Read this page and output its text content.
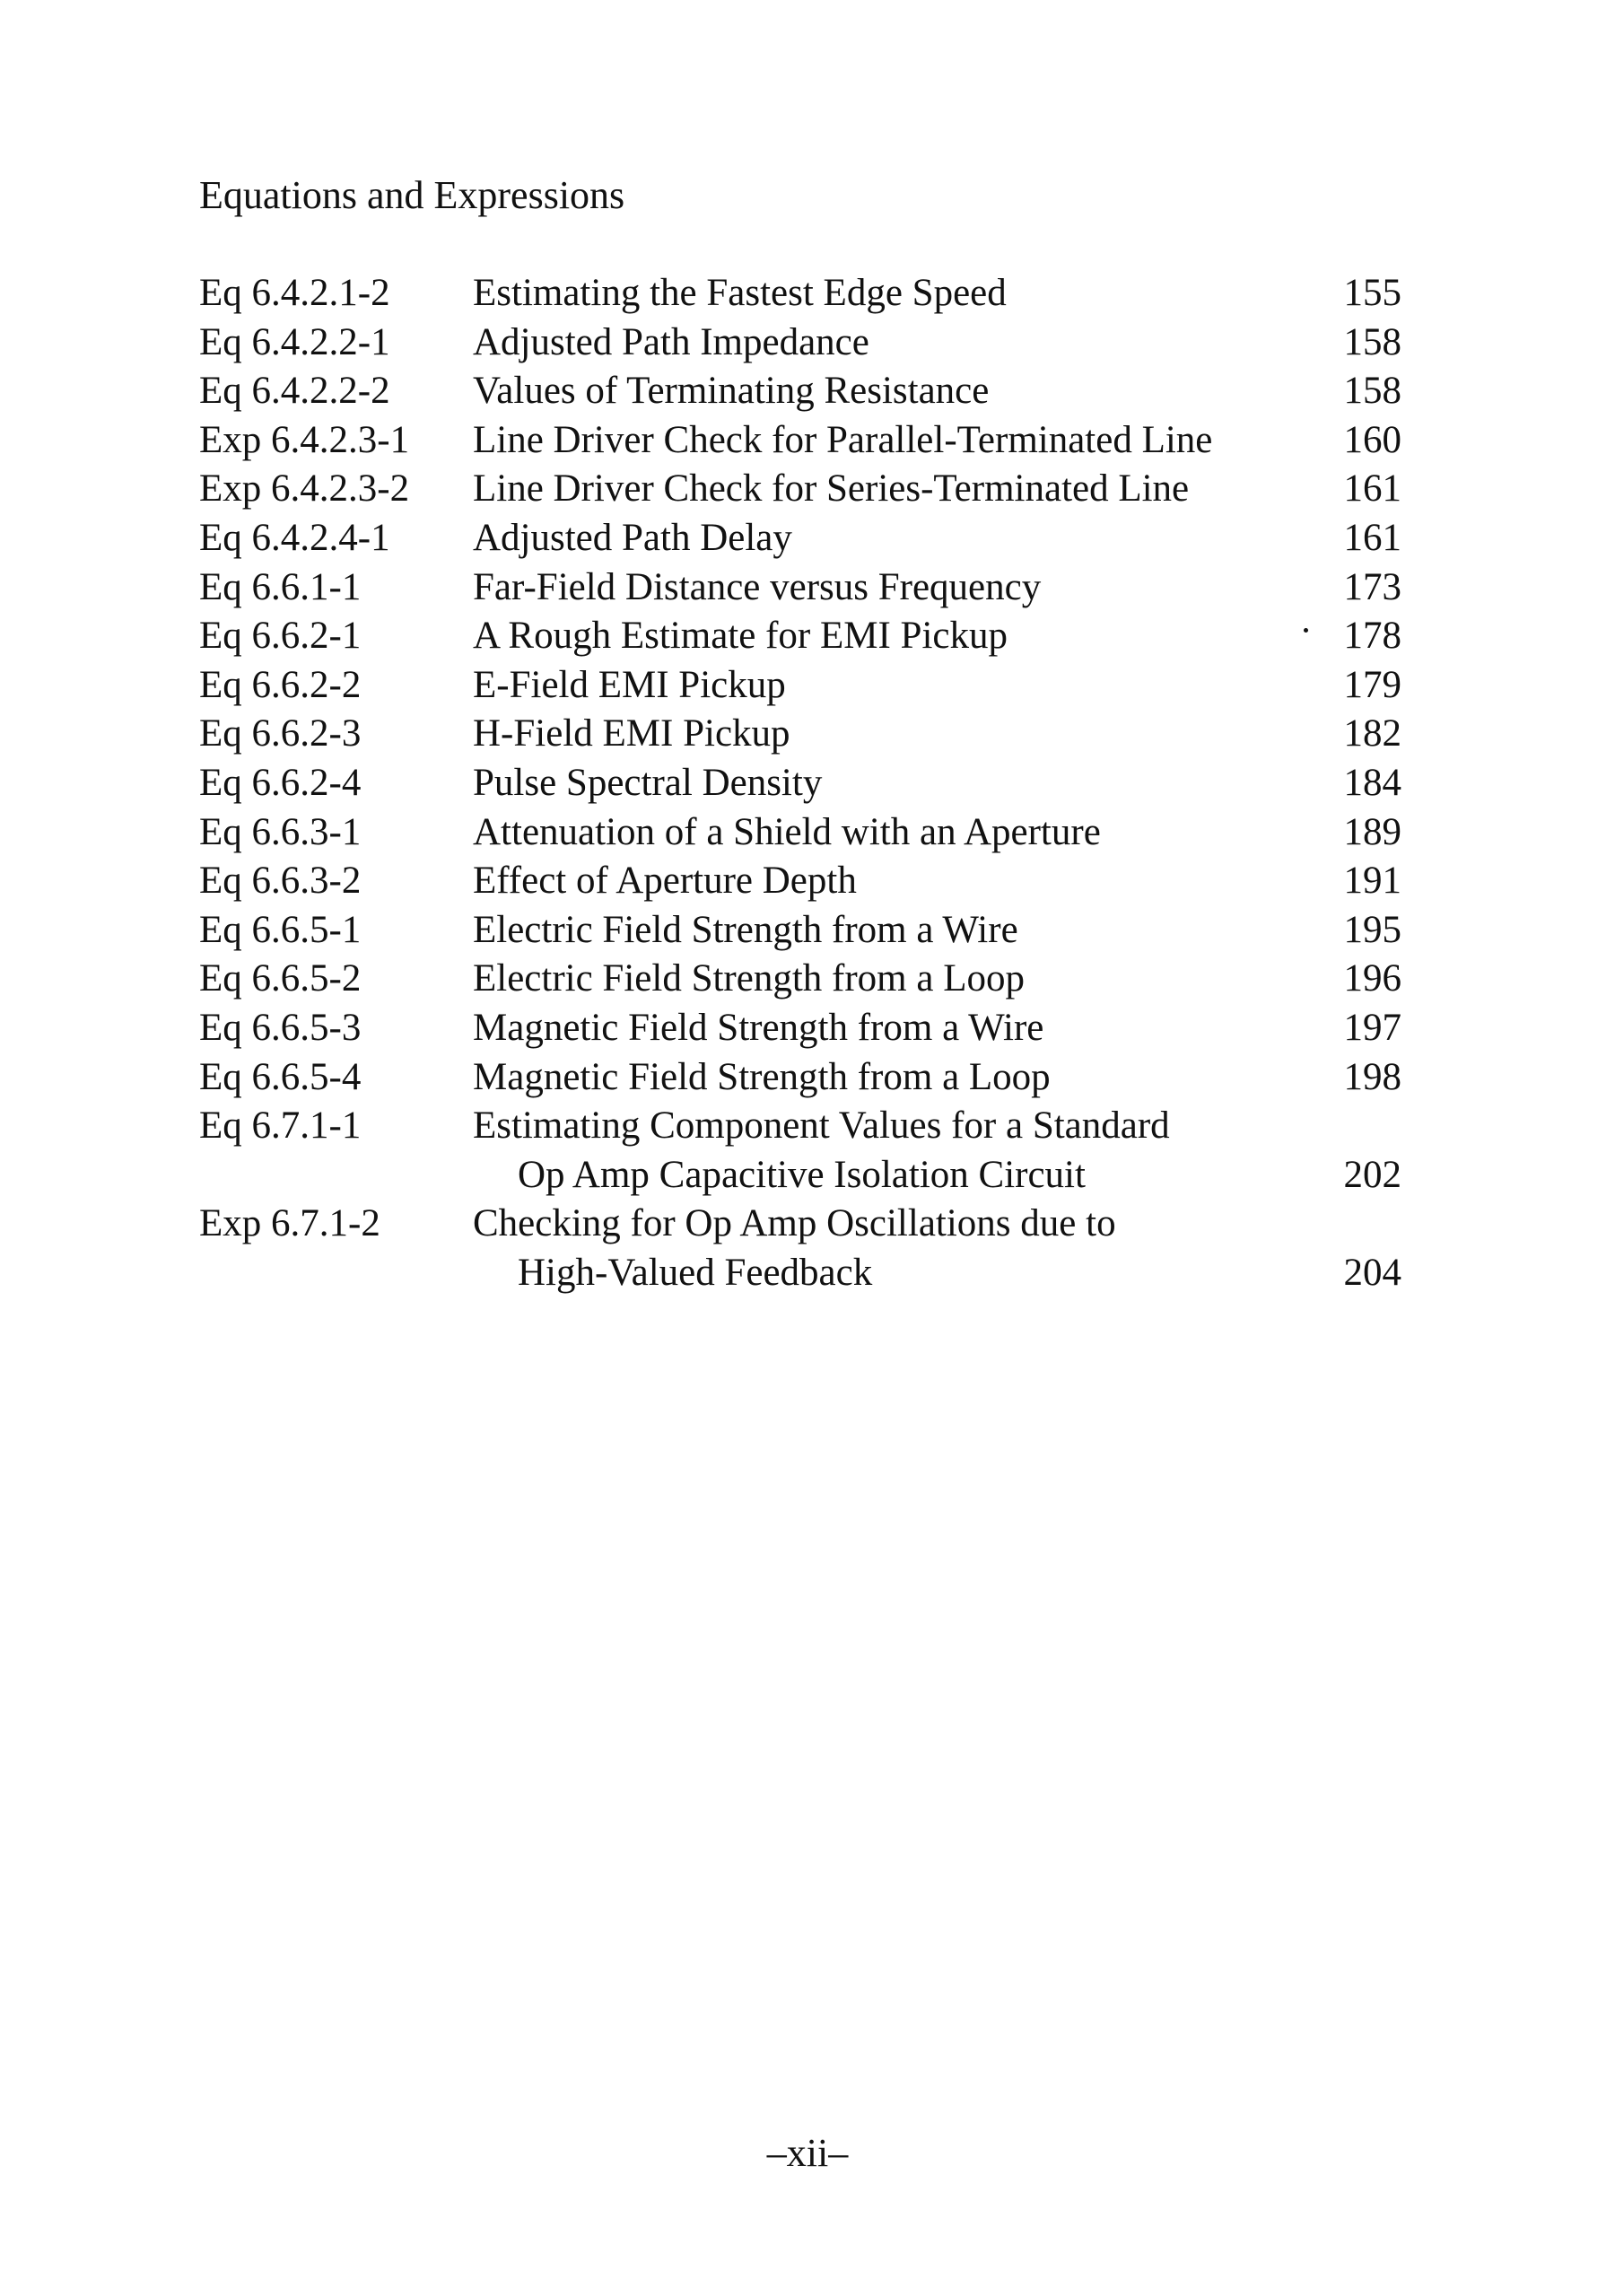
Equations and Expressions
Eq 6.4.2.1-2 Estimating the Fastest Edge Speed	155
Eq 6.4.2.2-1 Adjusted Path Impedance	158
Eq 6.4.2.2-2 Values of Terminating Resistance	158
Exp 6.4.2.3-1 Line Driver Check for Parallel-Terminated Line	160
Exp 6.4.2.3-2 Line Driver Check for Series-Terminated Line	161
Eq 6.4.2.4-1 Adjusted Path Delay	161
Eq 6.6.1-1	Far-Field Distance versus Frequency	173
Eq 6.6.2-1	A Rough Estimate for EMI Pickup	178
Eq 6.6.2-2	E-Field EMI Pickup	179
Eq 6.6.2-3	H-Field EMI Pickup	182
Eq 6.6.2-4	Pulse Spectral Density	184
Eq 6.6.3-1	Attenuation of a Shield with an Aperture	189
Eq 6.6.3-2	Effect of Aperture Depth	191
Eq 6.6.5-1	Electric Field Strength from a Wire	195
Eq 6.6.5-2	Electric Field Strength from a Loop	196
Eq 6.6.5-3	Magnetic Field Strength from a Wire	197
Eq 6.6.5-4	Magnetic Field Strength from a Loop	198
Eq 6.7.1-1	Estimating Component Values for a Standard
Op Amp Capacitive Isolation Circuit	202
Exp 6.7.1-2 Checking for Op Amp Oscillations due to
High-Valued Feedback	204
–xii–
